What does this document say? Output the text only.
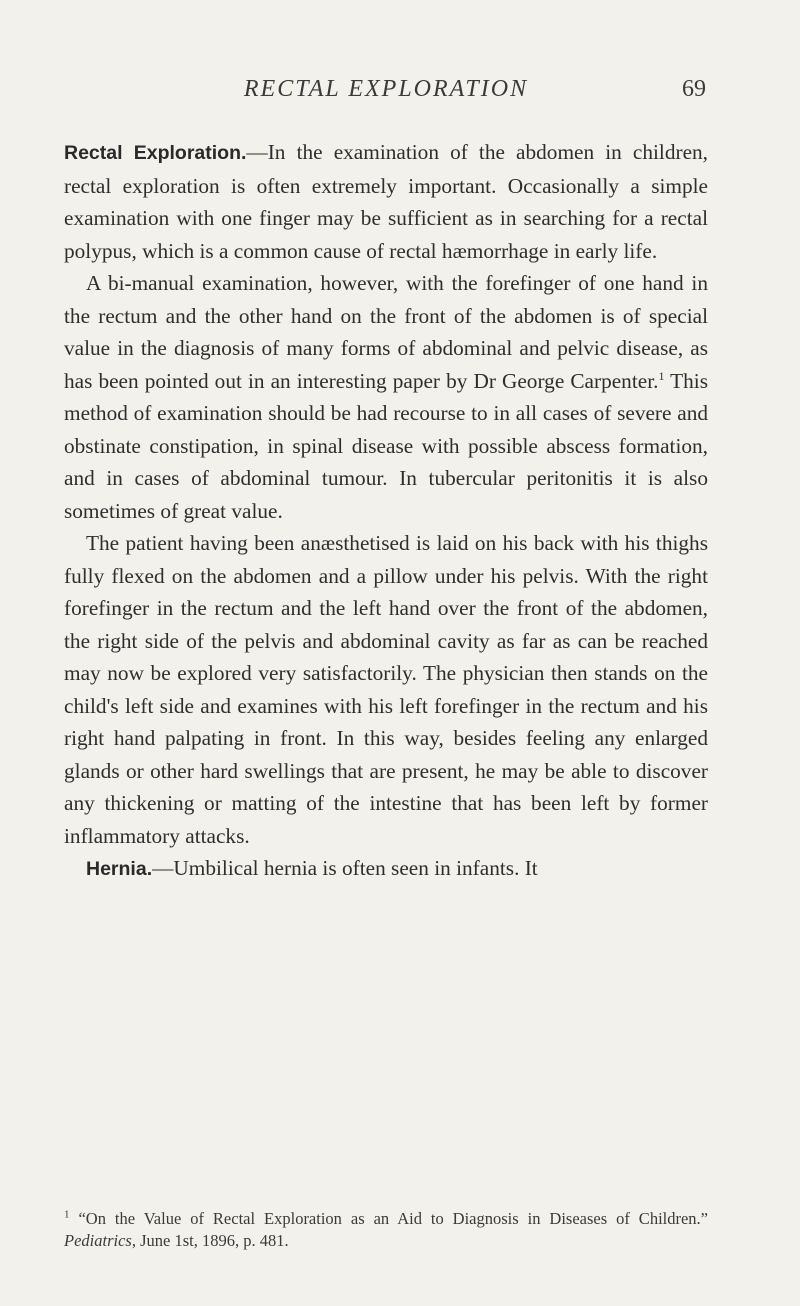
RECTAL EXPLORATION	69

Rectal Exploration.—In the examination of the abdomen in children, rectal exploration is often extremely important. Occasionally a simple examination with one finger may be sufficient as in searching for a rectal polypus, which is a common cause of rectal hæmorrhage in early life.

A bi-manual examination, however, with the forefinger of one hand in the rectum and the other hand on the front of the abdomen is of special value in the diagnosis of many forms of abdominal and pelvic disease, as has been pointed out in an interesting paper by Dr George Carpenter.$^1$ This method of examination should be had recourse to in all cases of severe and obstinate constipation, in spinal disease with possible abscess formation, and in cases of abdominal tumour. In tubercular peritonitis it is also sometimes of great value.

The patient having been anæsthetised is laid on his back with his thighs fully flexed on the abdomen and a pillow under his pelvis. With the right forefinger in the rectum and the left hand over the front of the abdomen, the right side of the pelvis and abdominal cavity as far as can be reached may now be explored very satisfactorily. The physician then stands on the child's left side and examines with his left forefinger in the rectum and his right hand palpating in front. In this way, besides feeling any enlarged glands or other hard swellings that are present, he may be able to discover any thickening or matting of the intestine that has been left by former inflammatory attacks.

Hernia.—Umbilical hernia is often seen in infants. It

$^1$ “On the Value of Rectal Exploration as an Aid to Diagnosis in Diseases of Children.” Pediatrics, June 1st, 1896, p. 481.
